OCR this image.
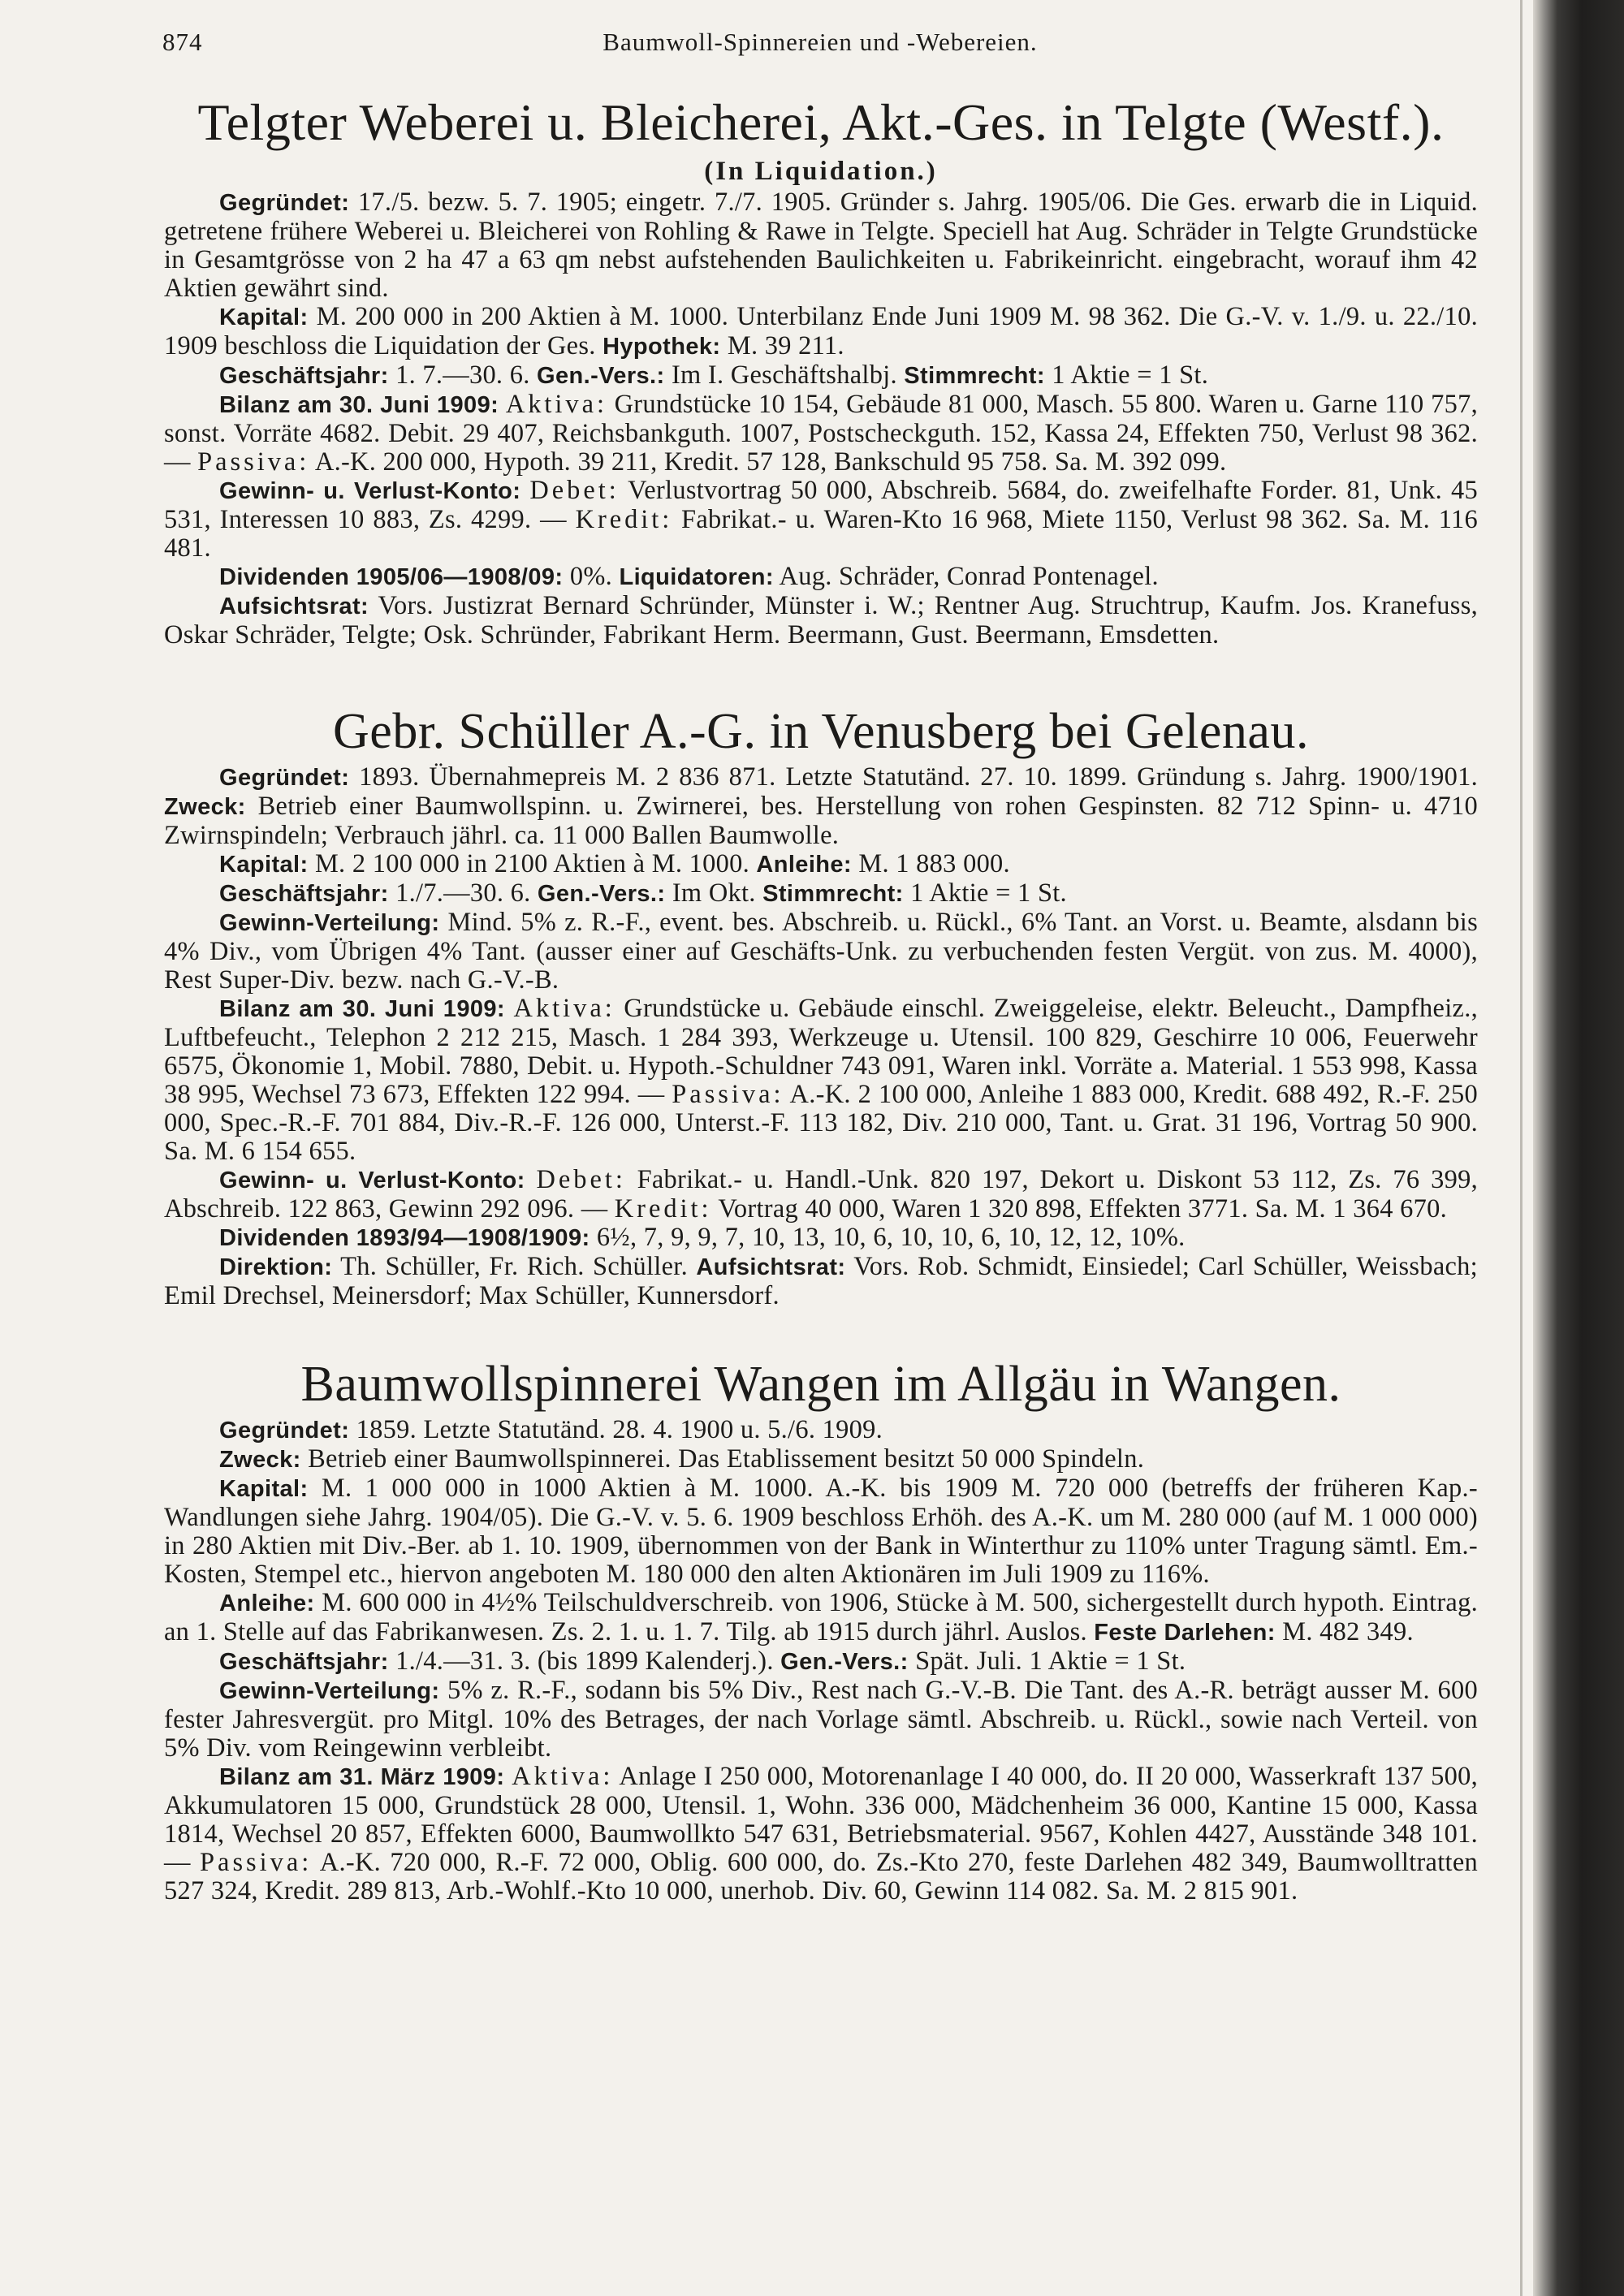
874	Baumwoll-Spinnereien und -Webereien.
Telgter Weberei u. Bleicherei, Akt.-Ges. in Telgte (Westf.).
(In Liquidation.)

Gegründet: 17./5. bezw. 5. 7. 1905; eingetr. 7./7. 1905. Gründer s. Jahrg. 1905/06. Die Ges. erwarb die in Liquid. getretene frühere Weberei u. Bleicherei von Rohling & Rawe in Telgte. Speciell hat Aug. Schräder in Telgte Grundstücke in Gesamtgrösse von 2 ha 47 a 63 qm nebst aufstehenden Baulichkeiten u. Fabrikeinricht. eingebracht, worauf ihm 42 Aktien gewährt sind.

Kapital: M. 200 000 in 200 Aktien à M. 1000. Unterbilanz Ende Juni 1909 M. 98 362. Die G.-V. v. 1./9. u. 22./10. 1909 beschloss die Liquidation der Ges. Hypothek: M. 39 211.

Geschäftsjahr: 1. 7.—30. 6. Gen.-Vers.: Im I. Geschäftshalbj. Stimmrecht: 1 Aktie = 1 St.

Bilanz am 30. Juni 1909: Aktiva: Grundstücke 10 154, Gebäude 81 000, Masch. 55 800. Waren u. Garne 110 757, sonst. Vorräte 4682. Debit. 29 407, Reichsbankguth. 1007, Postscheckguth. 152, Kassa 24, Effekten 750, Verlust 98 362. — Passiva: A.-K. 200 000, Hypoth. 39 211, Kredit. 57 128, Bankschuld 95 758. Sa. M. 392 099.

Gewinn- u. Verlust-Konto: Debet: Verlustvortrag 50 000, Abschreib. 5684, do. zweifelhafte Forder. 81, Unk. 45 531, Interessen 10 883, Zs. 4299. — Kredit: Fabrikat.- u. Waren-Kto 16 968, Miete 1150, Verlust 98 362. Sa. M. 116 481.

Dividenden 1905/06—1908/09: 0%. Liquidatoren: Aug. Schräder, Conrad Pontenagel.

Aufsichtsrat: Vors. Justizrat Bernard Schründer, Münster i. W.; Rentner Aug. Struchtrup, Kaufm. Jos. Kranefuss, Oskar Schräder, Telgte; Osk. Schründer, Fabrikant Herm. Beermann, Gust. Beermann, Emsdetten.

Gebr. Schüller A.-G. in Venusberg bei Gelenau.

Gegründet: 1893. Übernahmepreis M. 2 836 871. Letzte Statutänd. 27. 10. 1899. Gründung s. Jahrg. 1900/1901. Zweck: Betrieb einer Baumwollspinn. u. Zwirnerei, bes. Herstellung von rohen Gespinsten. 82 712 Spinn- u. 4710 Zwirnspindeln; Verbrauch jährl. ca. 11 000 Ballen Baumwolle.

Kapital: M. 2 100 000 in 2100 Aktien à M. 1000. Anleihe: M. 1 883 000.

Geschäftsjahr: 1./7.—30. 6. Gen.-Vers.: Im Okt. Stimmrecht: 1 Aktie = 1 St.

Gewinn-Verteilung: Mind. 5% z. R.-F., event. bes. Abschreib. u. Rückl., 6% Tant. an Vorst. u. Beamte, alsdann bis 4% Div., vom Übrigen 4% Tant. (ausser einer auf Geschäfts-Unk. zu verbuchenden festen Vergüt. von zus. M. 4000), Rest Super-Div. bezw. nach G.-V.-B.

Bilanz am 30. Juni 1909: Aktiva: Grundstücke u. Gebäude einschl. Zweiggeleise, elektr. Beleucht., Dampfheiz., Luftbefeucht., Telephon 2 212 215, Masch. 1 284 393, Werkzeuge u. Utensil. 100 829, Geschirre 10 006, Feuerwehr 6575, Ökonomie 1, Mobil. 7880, Debit. u. Hypoth.-Schuldner 743 091, Waren inkl. Vorräte a. Material. 1 553 998, Kassa 38 995, Wechsel 73 673, Effekten 122 994. — Passiva: A.-K. 2 100 000, Anleihe 1 883 000, Kredit. 688 492, R.-F. 250 000, Spec.-R.-F. 701 884, Div.-R.-F. 126 000, Unterst.-F. 113 182, Div. 210 000, Tant. u. Grat. 31 196, Vortrag 50 900. Sa. M. 6 154 655.

Gewinn- u. Verlust-Konto: Debet: Fabrikat.- u. Handl.-Unk. 820 197, Dekort u. Diskont 53 112, Zs. 76 399, Abschreib. 122 863, Gewinn 292 096. — Kredit: Vortrag 40 000, Waren 1 320 898, Effekten 3771. Sa. M. 1 364 670.

Dividenden 1893/94—1908/1909: 6½, 7, 9, 9, 7, 10, 13, 10, 6, 10, 10, 6, 10, 12, 12, 10%.

Direktion: Th. Schüller, Fr. Rich. Schüller. Aufsichtsrat: Vors. Rob. Schmidt, Einsiedel; Carl Schüller, Weissbach; Emil Drechsel, Meinersdorf; Max Schüller, Kunnersdorf.

Baumwollspinnerei Wangen im Allgäu in Wangen.

Gegründet: 1859. Letzte Statutänd. 28. 4. 1900 u. 5./6. 1909.

Zweck: Betrieb einer Baumwollspinnerei. Das Etablissement besitzt 50 000 Spindeln.

Kapital: M. 1 000 000 in 1000 Aktien à M. 1000. A.-K. bis 1909 M. 720 000 (betreffs der früheren Kap.-Wandlungen siehe Jahrg. 1904/05). Die G.-V. v. 5. 6. 1909 beschloss Erhöh. des A.-K. um M. 280 000 (auf M. 1 000 000) in 280 Aktien mit Div.-Ber. ab 1. 10. 1909, übernommen von der Bank in Winterthur zu 110% unter Tragung sämtl. Em.-Kosten, Stempel etc., hiervon angeboten M. 180 000 den alten Aktionären im Juli 1909 zu 116%.

Anleihe: M. 600 000 in 4½% Teilschuldverschreib. von 1906, Stücke à M. 500, sichergestellt durch hypoth. Eintrag. an 1. Stelle auf das Fabrikanwesen. Zs. 2. 1. u. 1. 7. Tilg. ab 1915 durch jährl. Auslos. Feste Darlehen: M. 482 349.

Geschäftsjahr: 1./4.—31. 3. (bis 1899 Kalenderj.). Gen.-Vers.: Spät. Juli. 1 Aktie = 1 St.

Gewinn-Verteilung: 5% z. R.-F., sodann bis 5% Div., Rest nach G.-V.-B. Die Tant. des A.-R. beträgt ausser M. 600 fester Jahresvergüt. pro Mitgl. 10% des Betrages, der nach Vorlage sämtl. Abschreib. u. Rückl., sowie nach Verteil. von 5% Div. vom Reingewinn verbleibt.

Bilanz am 31. März 1909: Aktiva: Anlage I 250 000, Motorenanlage I 40 000, do. II 20 000, Wasserkraft 137 500, Akkumulatoren 15 000, Grundstück 28 000, Utensil. 1, Wohn. 336 000, Mädchenheim 36 000, Kantine 15 000, Kassa 1814, Wechsel 20 857, Effekten 6000, Baumwollkto 547 631, Betriebsmaterial. 9567, Kohlen 4427, Ausstände 348 101. — Passiva: A.-K. 720 000, R.-F. 72 000, Oblig. 600 000, do. Zs.-Kto 270, feste Darlehen 482 349, Baumwolltratten 527 324, Kredit. 289 813, Arb.-Wohlf.-Kto 10 000, unerhob. Div. 60, Gewinn 114 082. Sa. M. 2 815 901.
